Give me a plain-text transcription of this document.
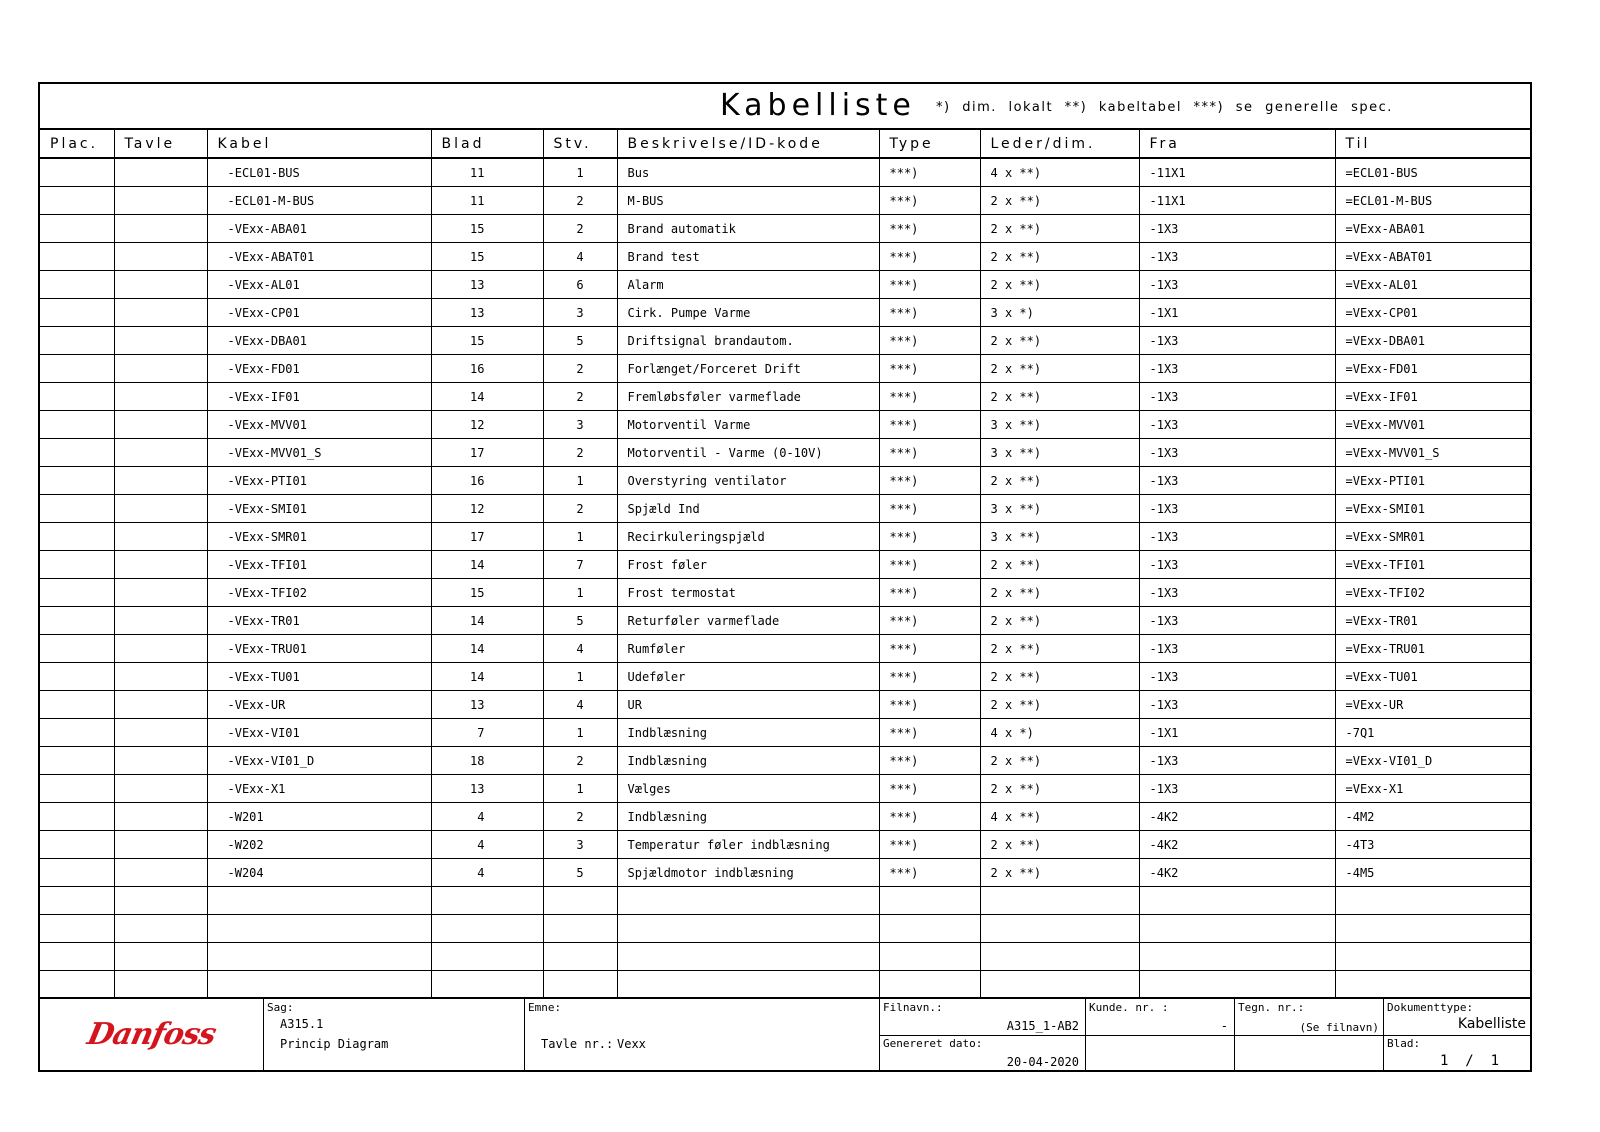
Kabelliste *) dim. lokalt **) kabeltabel ***) se generelle spec.
Plac.	Tavle	Kabel	Blad	Stv.	Beskrivelse/ID-kode	Type	Leder/dim.	Fra	Til
		-ECL01-BUS	11	1	Bus	***)	4 x **)	-11X1	=ECL01-BUS
		-ECL01-M-BUS	11	2	M-BUS	***)	2 x **)	-11X1	=ECL01-M-BUS
		-VExx-ABA01	15	2	Brand automatik	***)	2 x **)	-1X3	=VExx-ABA01
		-VExx-ABAT01	15	4	Brand test	***)	2 x **)	-1X3	=VExx-ABAT01
		-VExx-AL01	13	6	Alarm	***)	2 x **)	-1X3	=VExx-AL01
		-VExx-CP01	13	3	Cirk. Pumpe Varme	***)	3 x *)	-1X1	=VExx-CP01
		-VExx-DBA01	15	5	Driftsignal brandautom.	***)	2 x **)	-1X3	=VExx-DBA01
		-VExx-FD01	16	2	Forlænget/Forceret Drift	***)	2 x **)	-1X3	=VExx-FD01
		-VExx-IF01	14	2	Fremløbsføler varmeflade	***)	2 x **)	-1X3	=VExx-IF01
		-VExx-MVV01	12	3	Motorventil Varme	***)	3 x **)	-1X3	=VExx-MVV01
		-VExx-MVV01_S	17	2	Motorventil - Varme (0-10V)	***)	3 x **)	-1X3	=VExx-MVV01_S
		-VExx-PTI01	16	1	Overstyring ventilator	***)	2 x **)	-1X3	=VExx-PTI01
		-VExx-SMI01	12	2	Spjæld Ind	***)	3 x **)	-1X3	=VExx-SMI01
		-VExx-SMR01	17	1	Recirkuleringspjæld	***)	3 x **)	-1X3	=VExx-SMR01
		-VExx-TFI01	14	7	Frost føler	***)	2 x **)	-1X3	=VExx-TFI01
		-VExx-TFI02	15	1	Frost termostat	***)	2 x **)	-1X3	=VExx-TFI02
		-VExx-TR01	14	5	Returføler varmeflade	***)	2 x **)	-1X3	=VExx-TR01
		-VExx-TRU01	14	4	Rumføler	***)	2 x **)	-1X3	=VExx-TRU01
		-VExx-TU01	14	1	Udeføler	***)	2 x **)	-1X3	=VExx-TU01
		-VExx-UR	13	4	UR	***)	2 x **)	-1X3	=VExx-UR
		-VExx-VI01	7	1	Indblæsning	***)	4 x *)	-1X1	-7Q1
		-VExx-VI01_D	18	2	Indblæsning	***)	2 x **)	-1X3	=VExx-VI01_D
		-VExx-X1	13	1	Vælges	***)	2 x **)	-1X3	=VExx-X1
		-W201	4	2	Indblæsning	***)	4 x **)	-4K2	-4M2
		-W202	4	3	Temperatur føler indblæsning	***)	2 x **)	-4K2	-4T3
		-W204	4	5	Spjældmotor indblæsning	***)	2 x **)	-4K2	-4M5

Danfoss
Sag:
A315.1
Princip Diagram
Emne:
Tavle nr.: Vexx
Filnavn.:
A315_1-AB2
Genereret dato:
20-04-2020
Kunde. nr. :
-
Tegn. nr.:
(Se filnavn)
Dokumenttype:
Kabelliste
Blad:
1  /  1
